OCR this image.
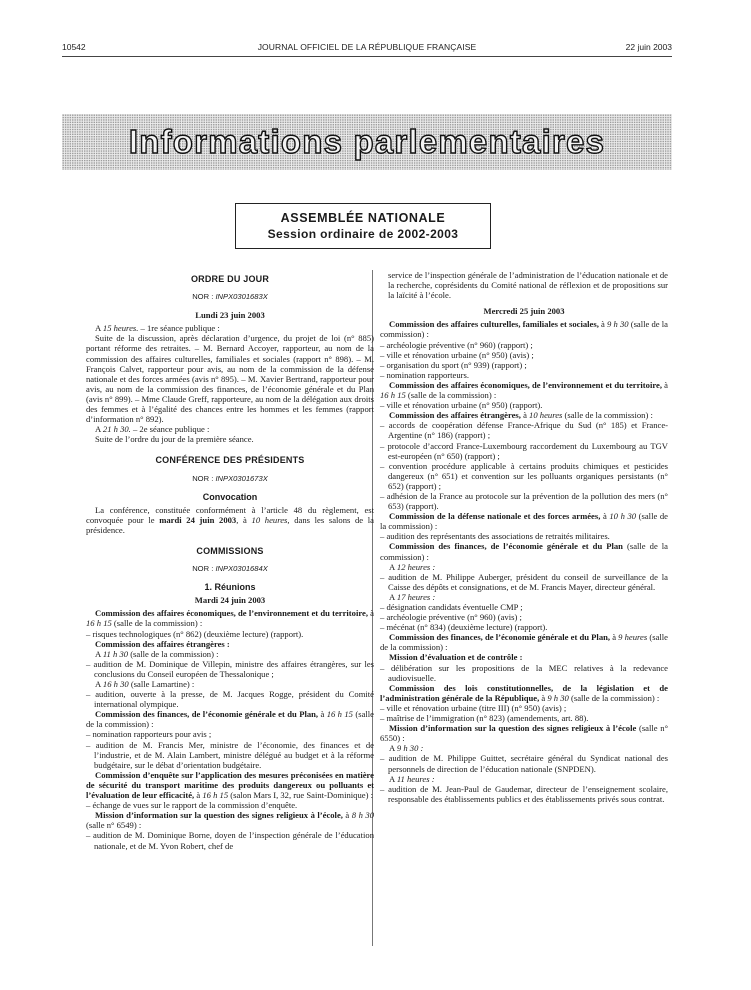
10542	JOURNAL OFFICIEL DE LA RÉPUBLIQUE FRANÇAISE	22 juin 2003
Informations parlementaires
ASSEMBLÉE NATIONALE
Session ordinaire de 2002-2003
ORDRE DU JOUR
NOR : INPX0301683X
Lundi 23 juin 2003

A 15 heures. – 1re séance publique :

Suite de la discussion, après déclaration d’urgence, du projet de loi (n° 885) portant réforme des retraites. – M. Bernard Accoyer, rapporteur, au nom de la commission des affaires culturelles, familiales et sociales (rapport n° 898). – M. François Calvet, rapporteur pour avis, au nom de la commission de la défense nationale et des forces armées (avis n° 895). – M. Xavier Bertrand, rapporteur pour avis, au nom de la commission des finances, de l’économie générale et du Plan (avis n° 899). – Mme Claude Greff, rapporteure, au nom de la délégation aux droits des femmes et à l’égalité des chances entre les hommes et les femmes (rapport d’information n° 892).

A 21 h 30. – 2e séance publique :

Suite de l’ordre du jour de la première séance.

CONFÉRENCE DES PRÉSIDENTS
NOR : INPX0301673X
Convocation

La conférence, constituée conformément à l’article 48 du règlement, est convoquée pour le mardi 24 juin 2003, à 10 heures, dans les salons de la présidence.

COMMISSIONS
NOR : INPX0301684X
1. Réunions
Mardi 24 juin 2003

Commission des affaires économiques, de l’environnement et du territoire, à 16 h 15 (salle de la commission) :

– risques technologiques (n° 862) (deuxième lecture) (rapport).

Commission des affaires étrangères :

A 11 h 30 (salle de la commission) :

– audition de M. Dominique de Villepin, ministre des affaires étrangères, sur les conclusions du Conseil européen de Thessalonique ;

A 16 h 30 (salle Lamartine) :

– audition, ouverte à la presse, de M. Jacques Rogge, président du Comité international olympique.

Commission des finances, de l’économie générale et du Plan, à 16 h 15 (salle de la commission) :

– nomination rapporteurs pour avis ;

– audition de M. Francis Mer, ministre de l’économie, des finances et de l’industrie, et de M. Alain Lambert, ministre délégué au budget et à la réforme budgétaire, sur le débat d’orientation budgétaire.

Commission d’enquête sur l’application des mesures préconisées en matière de sécurité du transport maritime des produits dangereux ou polluants et l’évaluation de leur efficacité, à 16 h 15 (salon Mars I, 32, rue Saint-Dominique) :

– échange de vues sur le rapport de la commission d’enquête.

Mission d’information sur la question des signes religieux à l’école, à 8 h 30 (salle n° 6549) :

– audition de M. Dominique Borne, doyen de l’inspection générale de l’éducation nationale, et de M. Yvon Robert, chef de

service de l’inspection générale de l’administration de l’éducation nationale et de la recherche, coprésidents du Comité national de réflexion et de propositions sur la laïcité à l’école.

Mercredi 25 juin 2003

Commission des affaires culturelles, familiales et sociales, à 9 h 30 (salle de la commission) :

– archéologie préventive (n° 960) (rapport) ;

– ville et rénovation urbaine (n° 950) (avis) ;

– organisation du sport (n° 939) (rapport) ;

– nomination rapporteurs.

Commission des affaires économiques, de l’environnement et du territoire, à 16 h 15 (salle de la commission) :

– ville et rénovation urbaine (n° 950) (rapport).

Commission des affaires étrangères, à 10 heures (salle de la commission) :

– accords de coopération défense France-Afrique du Sud (n° 185) et France-Argentine (n° 186) (rapport) ;

– protocole d’accord France-Luxembourg raccordement du Luxembourg au TGV est-européen (n° 650) (rapport) ;

– convention procédure applicable à certains produits chimiques et pesticides dangereux (n° 651) et convention sur les polluants organiques persistants (n° 652) (rapport) ;

– adhésion de la France au protocole sur la prévention de la pollution des mers (n° 653) (rapport).

Commission de la défense nationale et des forces armées, à 10 h 30 (salle de la commission) :

– audition des représentants des associations de retraités militaires.

Commission des finances, de l’économie générale et du Plan (salle de la commission) :

A 12 heures :

– audition de M. Philippe Auberger, président du conseil de surveillance de la Caisse des dépôts et consignations, et de M. Francis Mayer, directeur général.

A 17 heures :

– désignation candidats éventuelle CMP ;

– archéologie préventive (n° 960) (avis) ;

– mécénat (n° 834) (deuxième lecture) (rapport).

Commission des finances, de l’économie générale et du Plan, à 9 heures (salle de la commission) :

Mission d’évaluation et de contrôle :

– délibération sur les propositions de la MEC relatives à la redevance audiovisuelle.

Commission des lois constitutionnelles, de la législation et de l’administration générale de la République, à 9 h 30 (salle de la commission) :

– ville et rénovation urbaine (titre III) (n° 950) (avis) ;

– maîtrise de l’immigration (n° 823) (amendements, art. 88).

Mission d’information sur la question des signes religieux à l’école (salle n° 6550) :

A 9 h 30 :

– audition de M. Philippe Guittet, secrétaire général du Syndicat national des personnels de direction de l’éducation nationale (SNPDEN).

A 11 heures :

– audition de M. Jean-Paul de Gaudemar, directeur de l’enseignement scolaire, responsable des établissements publics et des établissements privés sous contrat.
